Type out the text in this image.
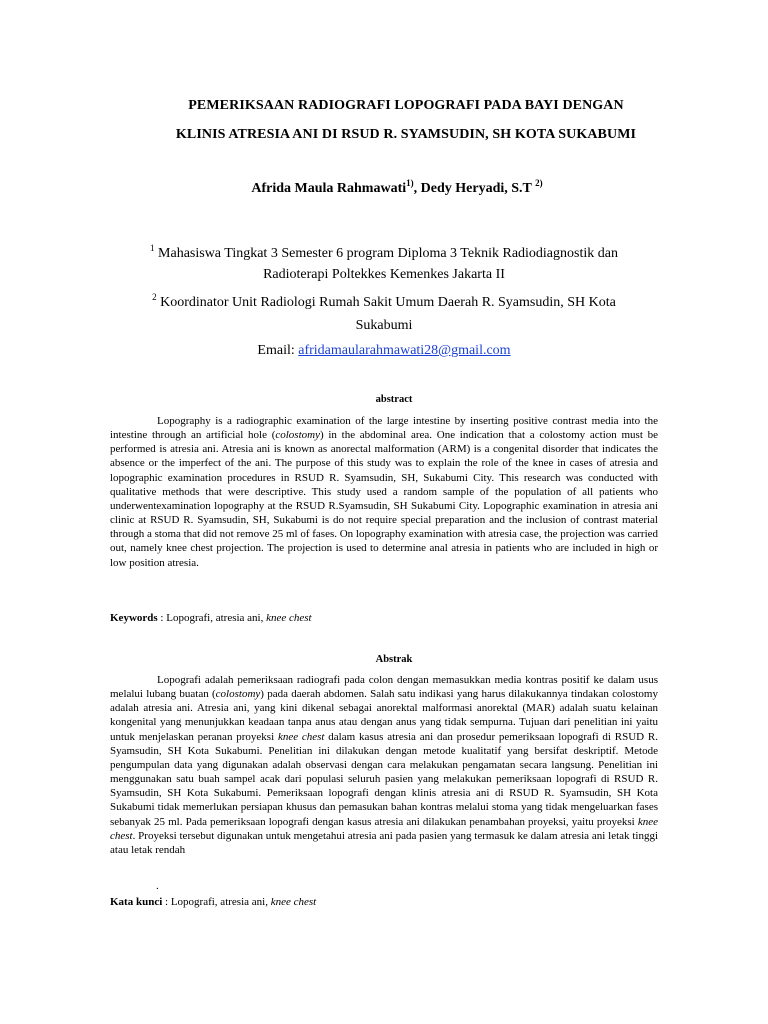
PEMERIKSAAN RADIOGRAFI LOPOGRAFI PADA BAYI DENGAN
KLINIS ATRESIA ANI DI RSUD R. SYAMSUDIN, SH KOTA SUKABUMI
Afrida Maula Rahmawati$^{1)}$, Dedy Heryadi, S.T $^{2)}$
$^1$ Mahasiswa Tingkat 3 Semester 6 program Diploma 3 Teknik Radiodiagnostik dan
Radioterapi Poltekkes Kemenkes Jakarta II
$^2$ Koordinator Unit Radiologi Rumah Sakit Umum Daerah R. Syamsudin, SH Kota
Sukabumi
Email: afridamaularahmawati28@gmail.com
abstract
Lopography is a radiographic examination of the large intestine by inserting positive contrast media into the intestine through an artificial hole (colostomy) in the abdominal area. One indication that a colostomy action must be performed is atresia ani. Atresia ani is known as anorectal malformation (ARM) is a congenital disorder that indicates the absence or the imperfect of the ani. The purpose of this study was to explain the role of the knee in cases of atresia and lopographic examination procedures in RSUD R. Syamsudin, SH, Sukabumi City. This research was conducted with qualitative methods that were descriptive. This study used a random sample of the population of all patients who underwentexamination lopography at the RSUD R.Syamsudin, SH Sukabumi City. Lopographic examination in atresia ani clinic at RSUD R. Syamsudin, SH, Sukabumi is do not require special preparation and the inclusion of contrast material through a stoma that did not remove 25 ml of fases. On lopography examination with atresia case, the projection was carried out, namely knee chest projection. The projection is used to determine anal atresia in patients who are included in high or low position atresia.
Keywords : Lopografi, atresia ani, knee chest
Abstrak
Lopografi adalah pemeriksaan radiografi pada colon dengan memasukkan media kontras positif ke dalam usus melalui lubang buatan (colostomy) pada daerah abdomen. Salah satu indikasi yang harus dilakukannya tindakan colostomy adalah atresia ani. Atresia ani, yang kini dikenal sebagai anorektal malformasi anorektal (MAR) adalah suatu kelainan kongenital yang menunjukkan keadaan tanpa anus atau dengan anus yang tidak sempurna. Tujuan dari penelitian ini yaitu untuk menjelaskan peranan proyeksi knee chest dalam kasus atresia ani dan prosedur pemeriksaan lopografi di RSUD R. Syamsudin, SH Kota Sukabumi. Penelitian ini dilakukan dengan metode kualitatif yang bersifat deskriptif. Metode pengumpulan data yang digunakan adalah observasi dengan cara melakukan pengamatan secara langsung. Penelitian ini menggunakan satu buah sampel acak dari populasi seluruh pasien yang melakukan pemeriksaan lopografi di RSUD R. Syamsudin, SH Kota Sukabumi. Pemeriksaan lopografi dengan klinis atresia ani di RSUD R. Syamsudin, SH Kota Sukabumi tidak memerlukan persiapan khusus dan pemasukan bahan kontras melalui stoma yang tidak mengeluarkan fases sebanyak 25 ml. Pada pemeriksaan lopografi dengan kasus atresia ani dilakukan penambahan proyeksi, yaitu proyeksi knee chest. Proyeksi tersebut digunakan untuk mengetahui atresia ani pada pasien yang termasuk ke dalam atresia ani letak tinggi atau letak rendah
.
Kata kunci : Lopografi, atresia ani, knee chest
